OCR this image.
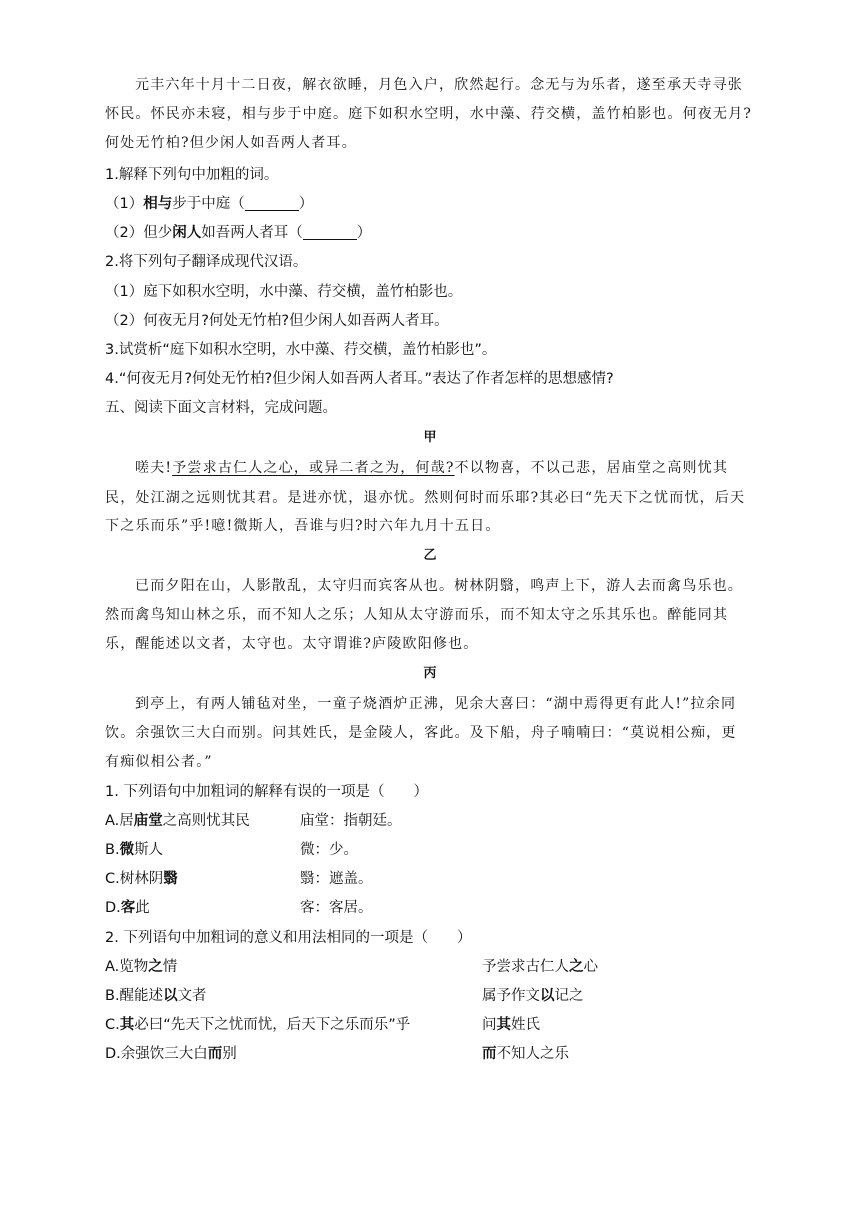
元丰六年十月十二日夜，解衣欲睡，月色入户，欣然起行。念无与为乐者，遂至承天寺寻张
怀民。怀民亦未寝，相与步于中庭。庭下如积水空明，水中藻、荇交横，盖竹柏影也。何夜无月?
何处无竹柏?但少闲人如吾两人者耳。
1.解释下列句中加粗的词。
（1）相与步于中庭（	）
（2）但少闲人如吾两人者耳（	）
2.将下列句子翻译成现代汉语。
（1）庭下如积水空明，水中藻、荇交横，盖竹柏影也。
（2）何夜无月?何处无竹柏?但少闲人如吾两人者耳。
3.试赏析“庭下如积水空明，水中藻、荇交横，盖竹柏影也”。
4.“何夜无月?何处无竹柏?但少闲人如吾两人者耳。”表达了作者怎样的思想感情?
五、阅读下面文言材料，完成问题。
甲
嗟夫!予尝求古仁人之心，或异二者之为，何哉?不以物喜，不以己悲，居庙堂之高则忧其
民，处江湖之远则忧其君。是进亦忧，退亦忧。然则何时而乐耶?其必曰“先天下之忧而忧，后天
下之乐而乐”乎!噫!微斯人，吾谁与归?时六年九月十五日。
乙
已而夕阳在山，人影散乱，太守归而宾客从也。树林阴翳，鸣声上下，游人去而禽鸟乐也。
然而禽鸟知山林之乐，而不知人之乐；人知从太守游而乐，而不知太守之乐其乐也。醉能同其
乐，醒能述以文者，太守也。太守谓谁?庐陵欧阳修也。
丙
到亭上，有两人铺毡对坐，一童子烧酒炉正沸，见余大喜曰：“湖中焉得更有此人!”拉余同
饮。余强饮三大白而别。问其姓氏，是金陵人，客此。及下船，舟子喃喃曰：“莫说相公痴，更
有痴似相公者。”
1. 下列语句中加粗词的解释有误的一项是（　　）
A.居庙堂之高则忧其民	庙堂：指朝廷。
B.微斯人	微：少。
C.树林阴翳	翳：遮盖。
D.客此	客：客居。
2. 下列语句中加粗词的意义和用法相同的一项是（　　）
A.览物之情	予尝求古仁人之心
B.醒能述以文者	属予作文以记之
C.其必曰“先天下之忧而忧，后天下之乐而乐”乎	问其姓氏
D.余强饮三大白而别	而不知人之乐
